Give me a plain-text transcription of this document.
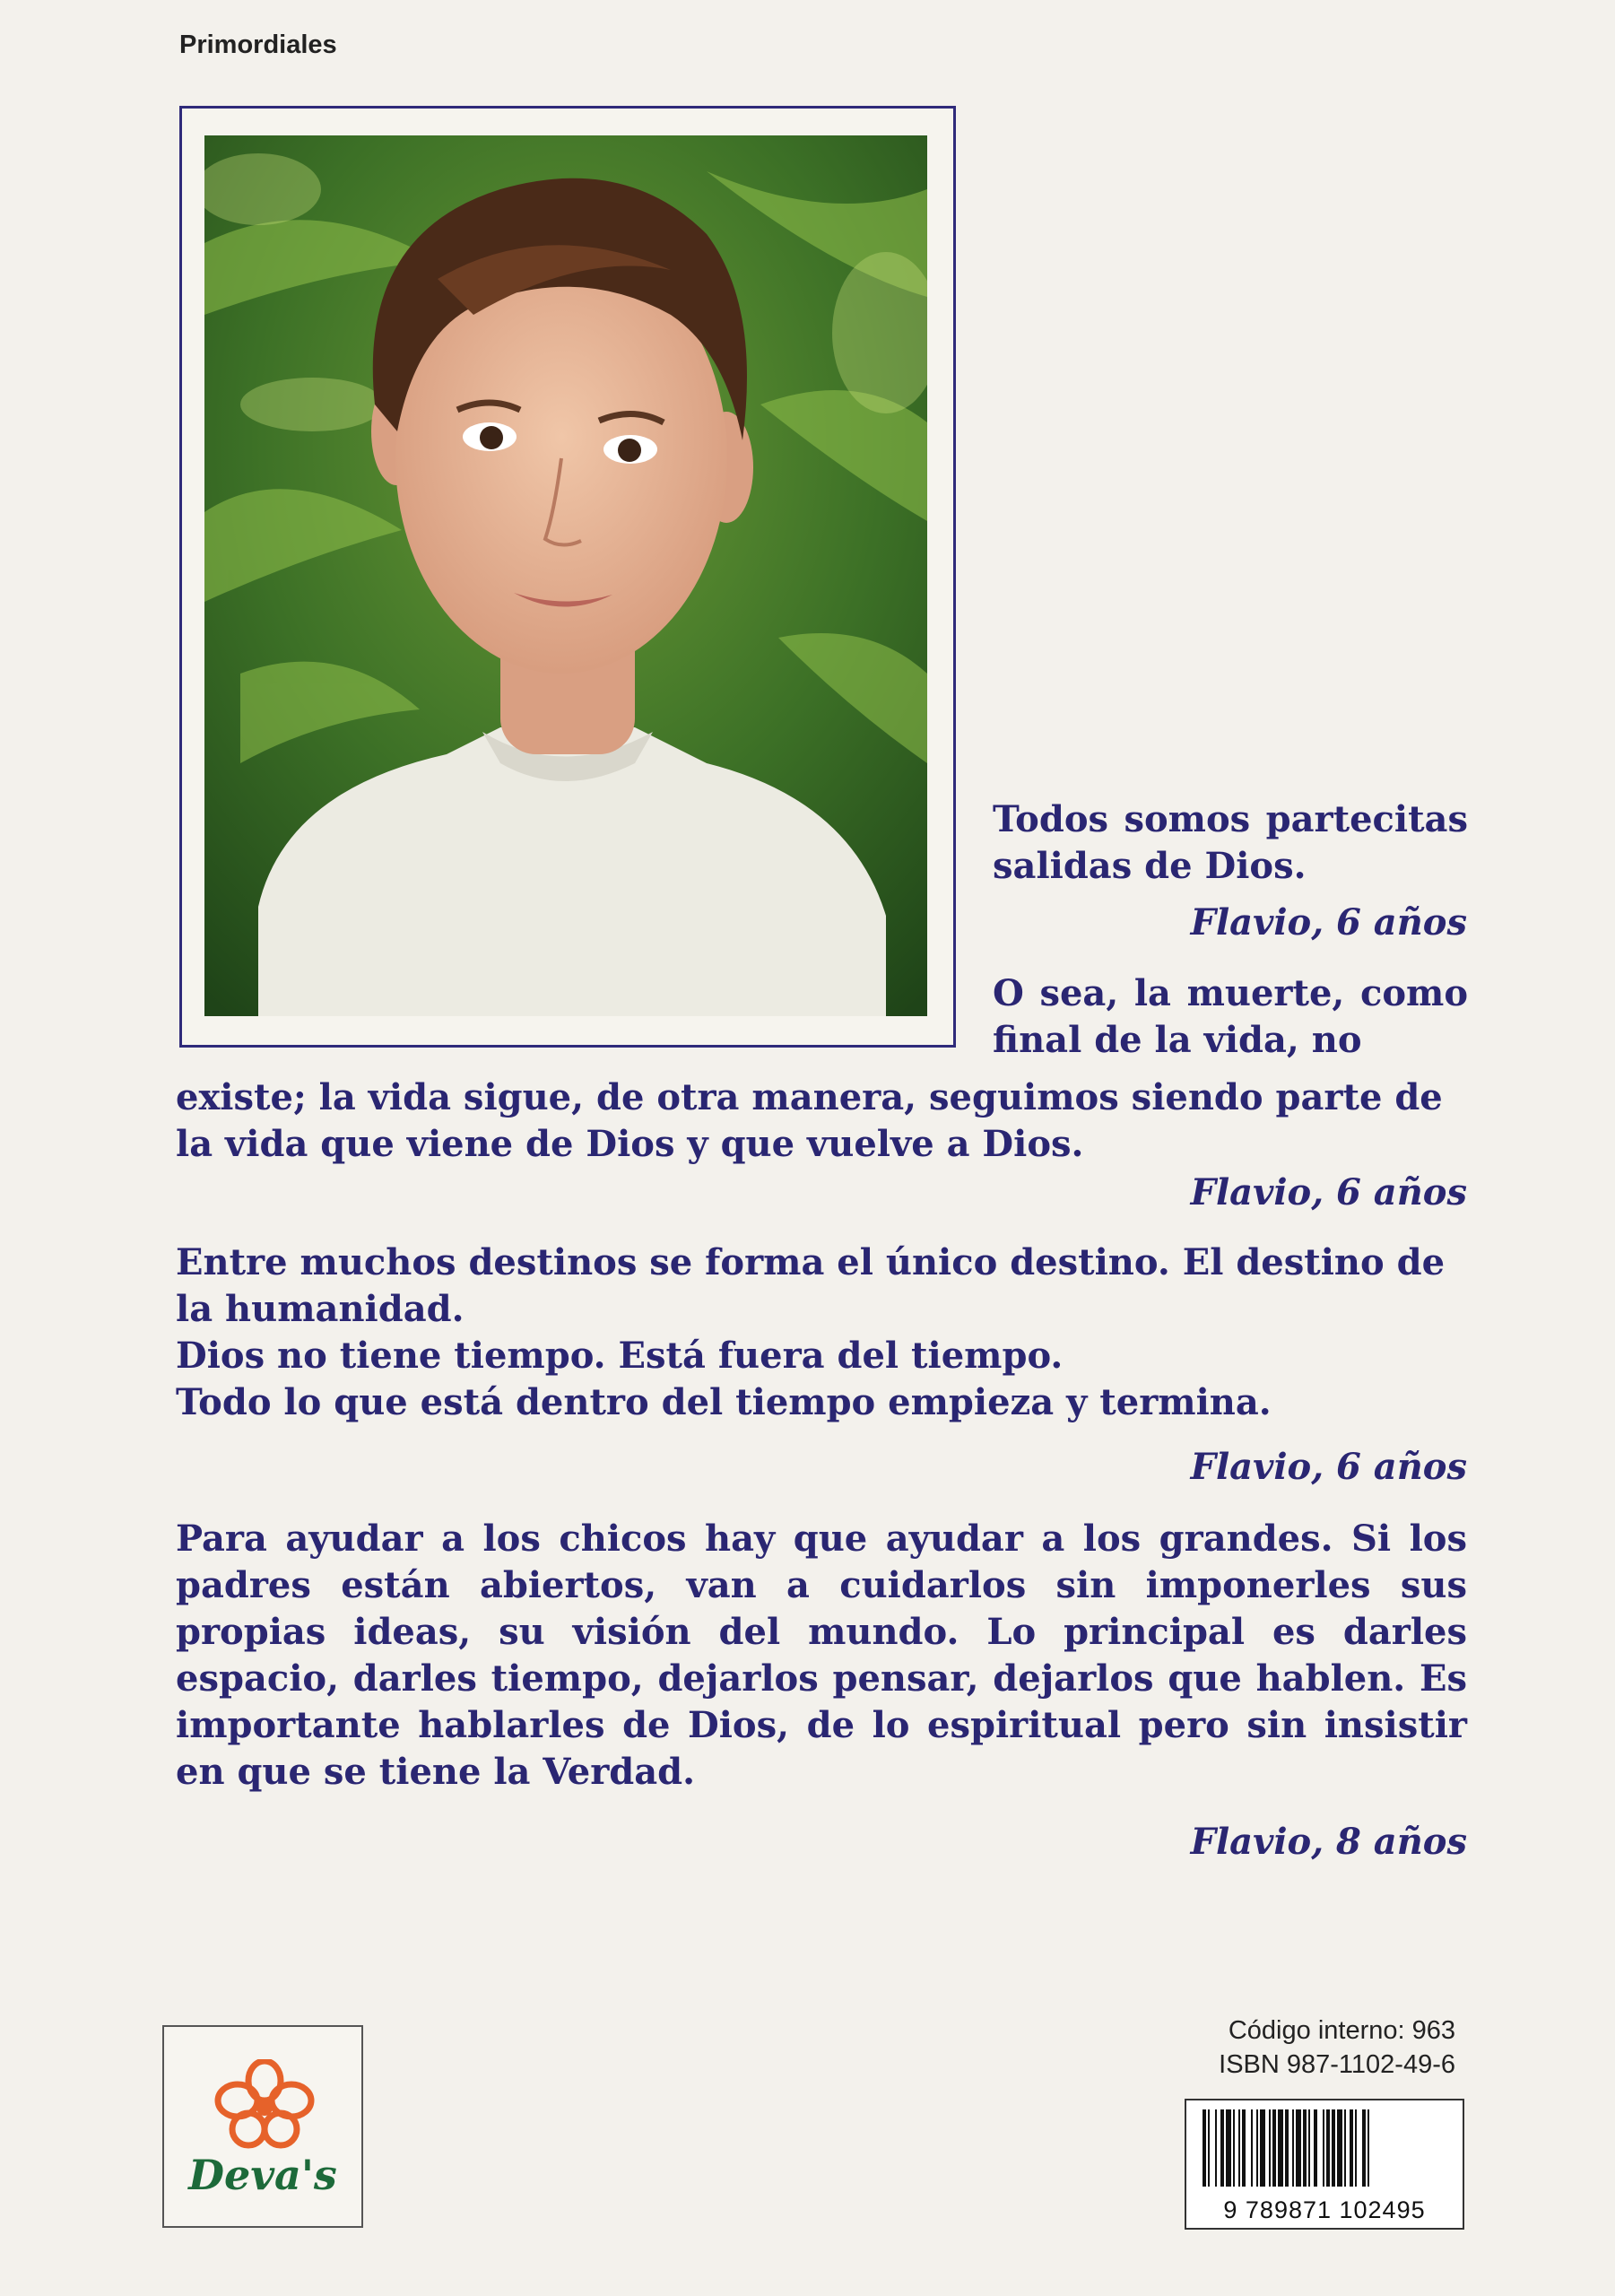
Primordiales
Todos somos partecitas salidas de Dios.
Flavio, 6 años
O sea, la muerte, como final de la vida, no
existe; la vida sigue, de otra manera, seguimos siendo parte de la vida que viene de Dios y que vuelve a Dios.
Flavio, 6 años

Entre muchos destinos se forma el único destino. El destino de la humanidad.

Dios no tiene tiempo. Está fuera del tiempo.

Todo lo que está dentro del tiempo empieza y termina.

Flavio, 6 años
Para ayudar a los chicos hay que ayudar a los grandes. Si los padres están abiertos, van a cuidarlos sin imponerles sus propias ideas, su visión del mundo. Lo principal es darles espacio, darles tiempo, dejarlos pensar, dejarlos que hablen. Es importante hablarles de Dios, de lo espiritual pero sin insistir en que se tiene la Verdad.
Flavio, 8 años
Deva's
Código interno: 963
ISBN 987-1102-49-6
9 789871 102495
